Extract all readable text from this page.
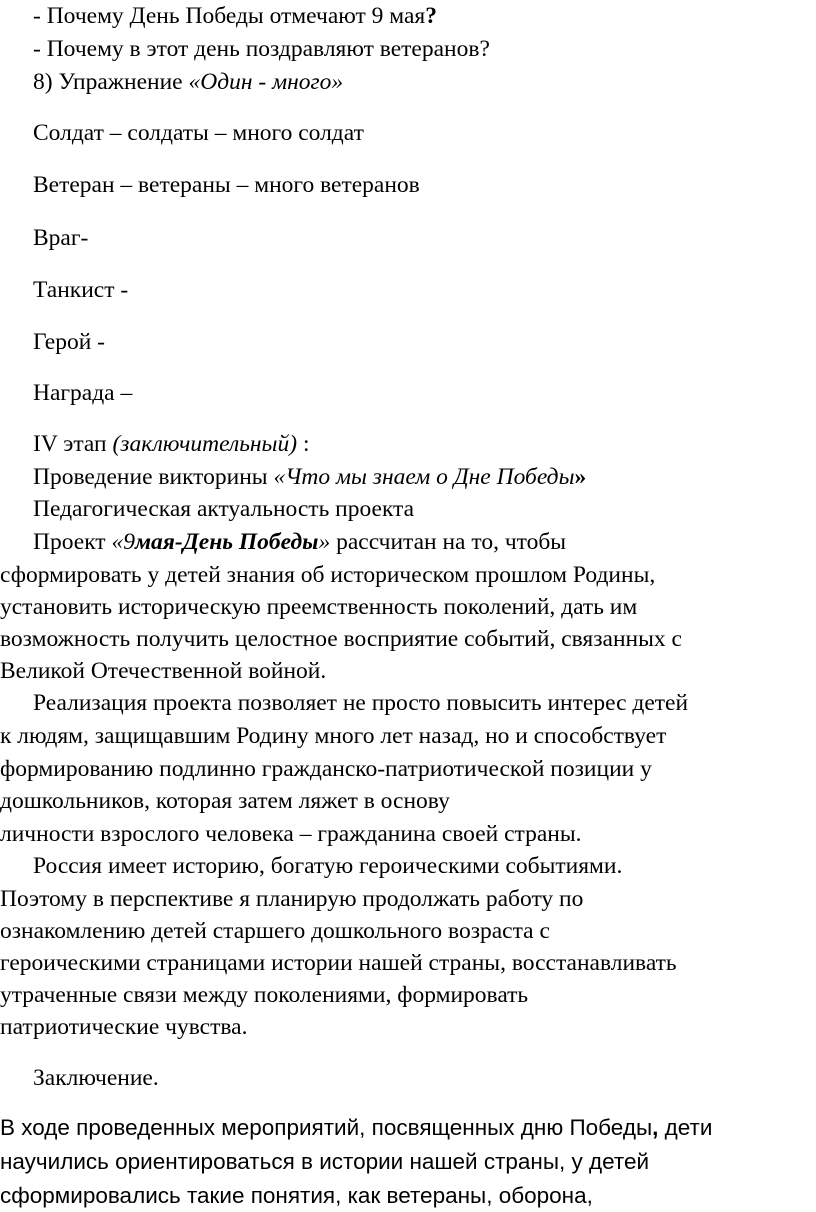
- Почему День Победы отмечают 9 мая?
- Почему в этот день поздравляют ветеранов?
8) Упражнение «Один - много»
Солдат – солдаты – много солдат
Ветеран – ветераны – много ветеранов
Враг-
Танкист -
Герой -
Награда –
IV этап (заключительный) :
Проведение викторины «Что мы знаем о Дне Победы»
Педагогическая актуальность проекта
Проект «9мая-День Победы» рассчитан на то, чтобы
сформировать у детей знания об историческом прошлом Родины,
установить историческую преемственность поколений, дать им
возможность получить целостное восприятие событий, связанных с
Великой Отечественной войной.
Реализация проекта позволяет не просто повысить интерес детей
к людям, защищавшим Родину много лет назад, но и способствует
формированию подлинно гражданско-патриотической позиции у
дошкольников, которая затем ляжет в основу
личности взрослого человека – гражданина своей страны.
Россия имеет историю, богатую героическими событиями.
Поэтому в перспективе я планирую продолжать работу по
ознакомлению детей старшего дошкольного возраста с
героическими страницами истории нашей страны, восстанавливать
утраченные связи между поколениями, формировать
патриотические чувства.
Заключение.
В ходе проведенных мероприятий, посвященных дню Победы, дети
научились ориентироваться в истории нашей страны, у детей
сформировались такие понятия, как ветераны, оборона,
